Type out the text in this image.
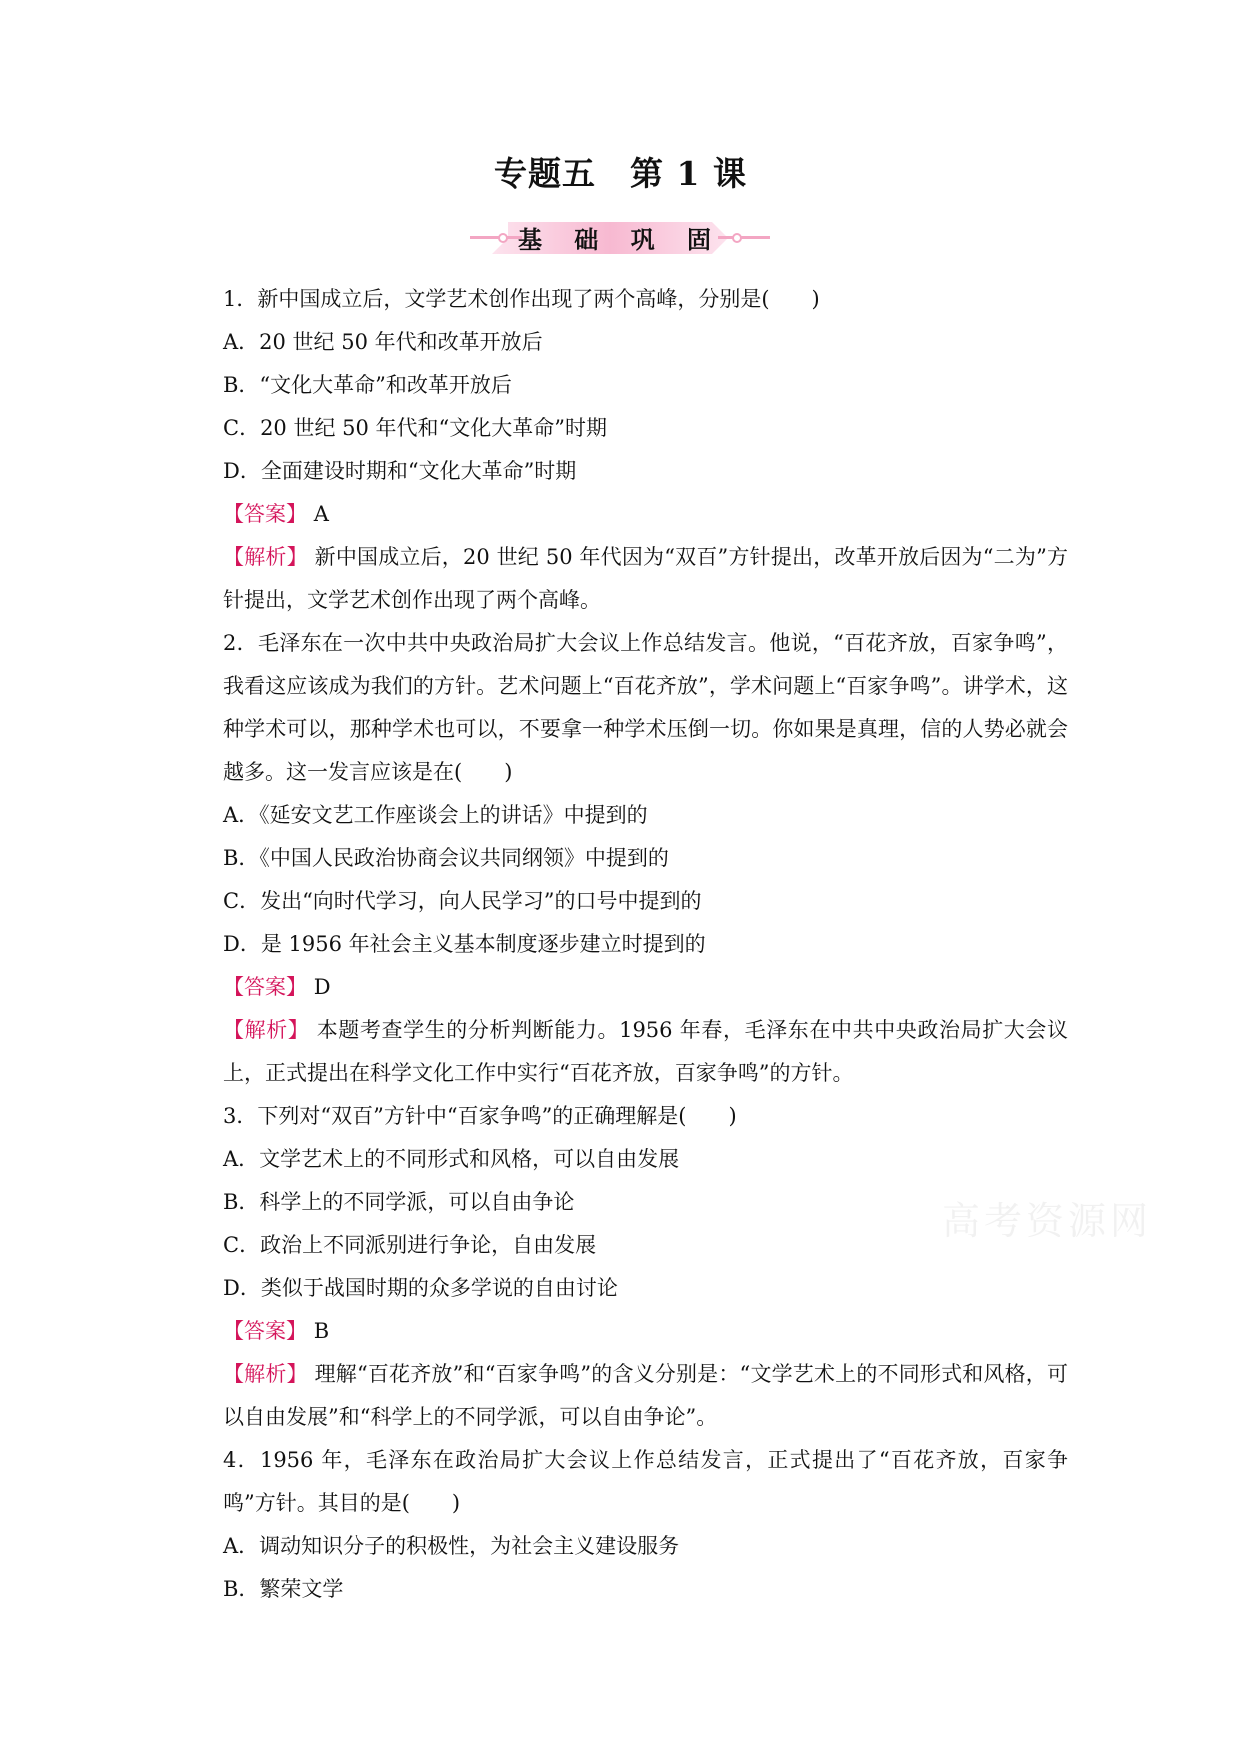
专题五　第 1 课
基 础 巩 固

1．新中国成立后，文学艺术创作出现了两个高峰，分别是(　　)

A．20 世纪 50 年代和改革开放后

B．“文化大革命”和改革开放后

C．20 世纪 50 年代和“文化大革命”时期

D．全面建设时期和“文化大革命”时期

【答案】 A

【解析】 新中国成立后，20 世纪 50 年代因为“双百”方针提出，改革开放后因为“二为”方针提出，文学艺术创作出现了两个高峰。

2．毛泽东在一次中共中央政治局扩大会议上作总结发言。他说，“百花齐放，百家争鸣”，我看这应该成为我们的方针。艺术问题上“百花齐放”，学术问题上“百家争鸣”。讲学术，这种学术可以，那种学术也可以，不要拿一种学术压倒一切。你如果是真理，信的人势必就会越多。这一发言应该是在(　　)

A．《延安文艺工作座谈会上的讲话》中提到的

B．《中国人民政治协商会议共同纲领》中提到的

C．发出“向时代学习，向人民学习”的口号中提到的

D．是 1956 年社会主义基本制度逐步建立时提到的

【答案】 D

【解析】 本题考查学生的分析判断能力。1956 年春，毛泽东在中共中央政治局扩大会议上，正式提出在科学文化工作中实行“百花齐放，百家争鸣”的方针。

3．下列对“双百”方针中“百家争鸣”的正确理解是(　　)

A．文学艺术上的不同形式和风格，可以自由发展

B．科学上的不同学派，可以自由争论

C．政治上不同派别进行争论，自由发展

D．类似于战国时期的众多学说的自由讨论

【答案】 B

【解析】 理解“百花齐放”和“百家争鸣”的含义分别是：“文学艺术上的不同形式和风格，可以自由发展”和“科学上的不同学派，可以自由争论”。

4．1956 年，毛泽东在政治局扩大会议上作总结发言，正式提出了“百花齐放，百家争鸣”方针。其目的是(　　)

A．调动知识分子的积极性，为社会主义建设服务

B．繁荣文学

高考资源网
